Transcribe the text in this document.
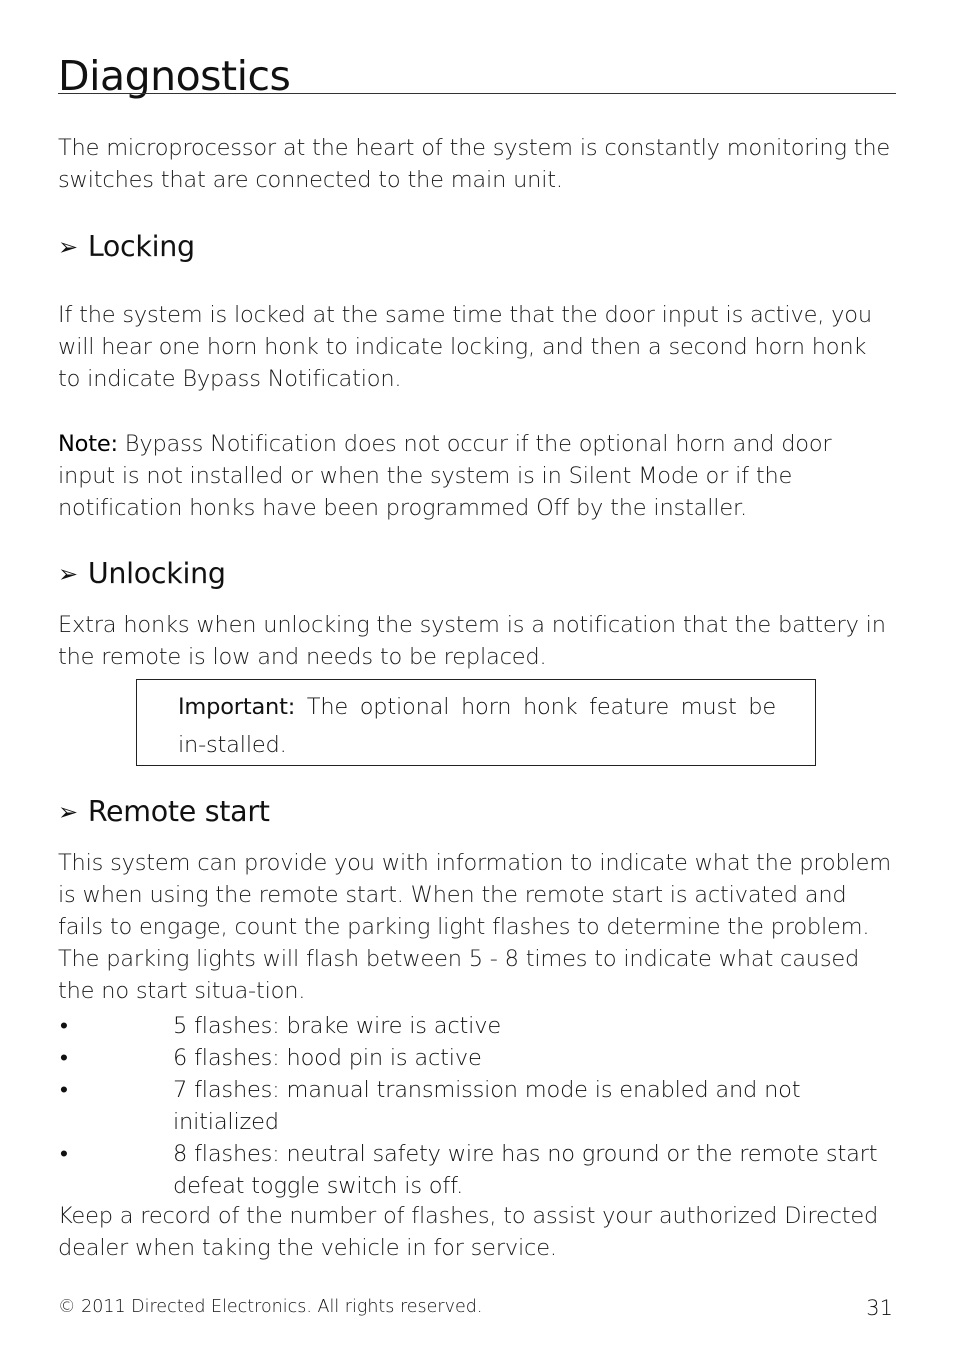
Diagnostics
The microprocessor at the heart of the system is constantly monitoring the switches that are connected to the main unit.
➢ Locking
If the system is locked at the same time that the door input is active, you will hear one horn honk to indicate locking, and then a second horn honk to indicate Bypass Notification.
Note: Bypass Notification does not occur if the optional horn and door input is not installed or when the system is in Silent Mode or if the notification honks have been programmed Off by the installer.
➢ Unlocking
Extra honks when unlocking the system is a notification that the battery in the remote is low and needs to be replaced.
Important: The optional horn honk feature must be in-stalled.
➢ Remote start
This system can provide you with information to indicate what the problem is when using the remote start. When the remote start is activated and fails to engage, count the parking light flashes to determine the problem. The parking lights will flash between 5 - 8 times to indicate what caused the no start situa-tion.
•	5 flashes: brake wire is active
•	6 flashes: hood pin is active
•	7 flashes: manual transmission mode is enabled and not initialized
•	8 flashes: neutral safety wire has no ground or the remote start defeat toggle switch is off.
Keep a record of the number of flashes, to assist your authorized Directed dealer when taking the vehicle in for service.
© 2011 Directed Electronics. All rights reserved.	31
